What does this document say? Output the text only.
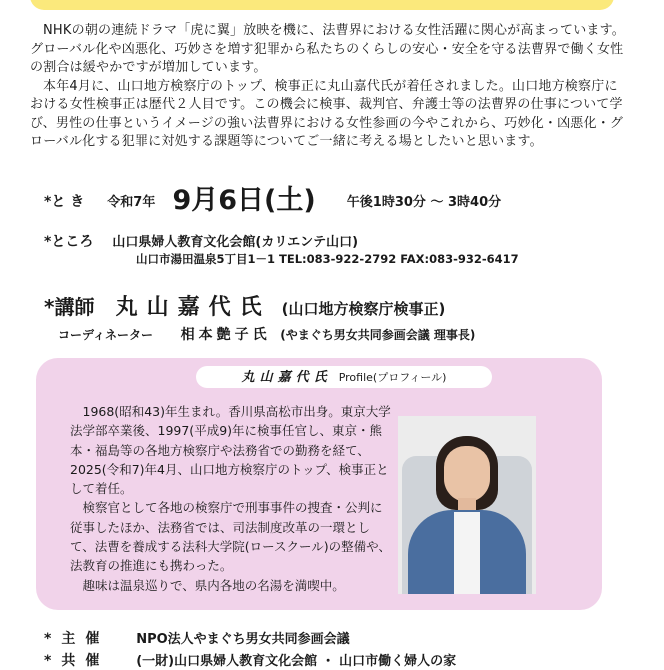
NHKの朝の連続ドラマ「虎に翼」放映を機に、法曹界における女性活躍に関心が高まっています。グローバル化や凶悪化、巧妙さを増す犯罪から私たちのくらしの安心・安全を守る法曹界で働く女性の割合は緩やかですが増加しています。

本年4月に、山口地方検察庁のトップ、検事正に丸山嘉代氏が着任されました。山口地方検察庁における女性検事正は歴代２人目です。この機会に検事、裁判官、弁護士等の法曹界の仕事について学び、男性の仕事というイメージの強い法曹界における女性参画の今やこれから、巧妙化・凶悪化・グローバル化する犯罪に対処する課題等についてご一緒に考える場としたいと思います。

*と き 令和7年 9月6日(土) 午後1時30分 ～ 3時40分
*ところ 山口県婦人教育文化会館(カリエンテ山口)
山口市湯田温泉5丁目1－1 TEL:083-922-2792 FAX:083-932-6417
*講師 丸山嘉代氏 (山口地方検察庁検事正)
コーディネーター 相本艶子氏 (やまぐち男女共同参画会議 理事長)
丸山嘉代氏 Profile(プロフィール)

1968(昭和43)年生まれ。香川県高松市出身。東京大学法学部卒業後、1997(平成9)年に検事任官し、東京・熊本・福島等の各地方検察庁や法務省での勤務を経て、2025(令和7)年4月、山口地方検察庁のトップ、検事正として着任。

検察官として各地の検察庁で刑事事件の捜査・公判に従事したほか、法務省では、司法制度改革の一環として、法曹を養成する法科大学院(ロースクール)の整備や、法教育の推進にも携わった。

趣味は温泉巡りで、県内各地の名湯を満喫中。

*主催 NPO法人やまぐち男女共同参画会議
*共催 (一財)山口県婦人教育文化会館 ・ 山口市働く婦人の家
